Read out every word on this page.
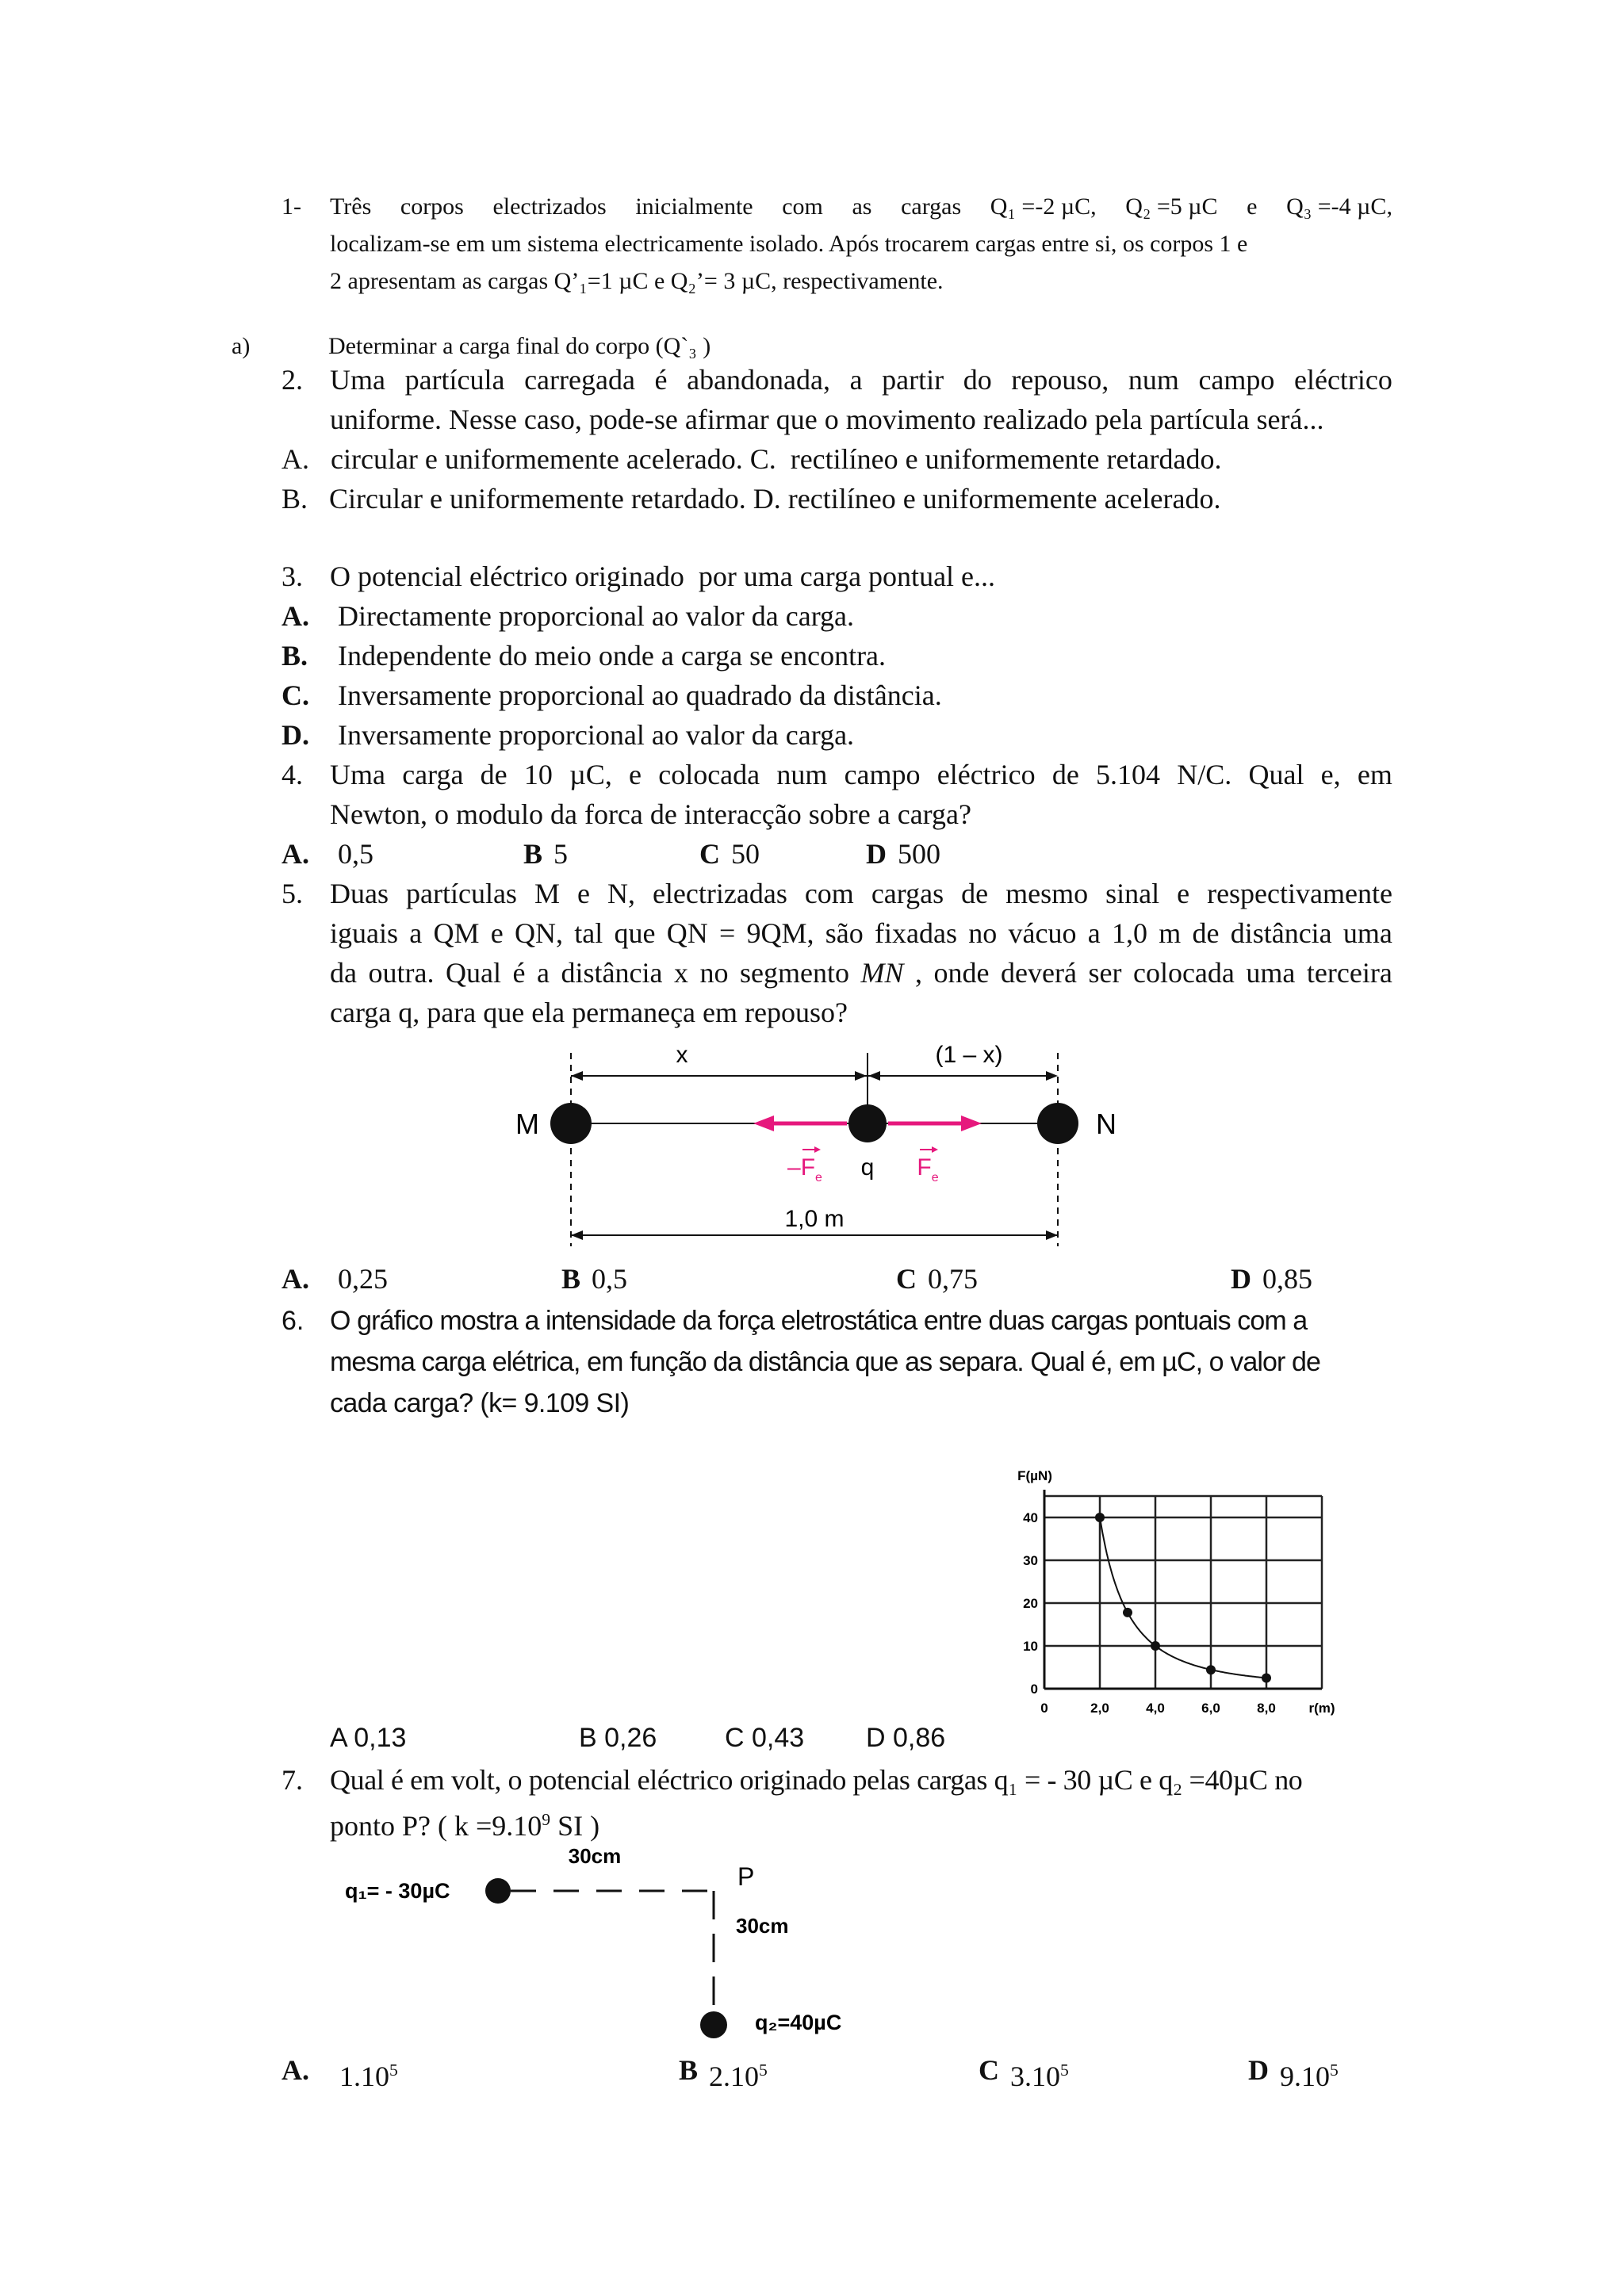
1- Três corpos electrizados inicialmente com as cargas Q₁ =-2 µC, Q₂ =5 µC e Q₃ =-4 µC,
localizam-se em um sistema electricamente isolado. Após trocarem cargas entre si, os corpos 1 e
2 apresentam as cargas Q’₁=1 µC e Q₂’= 3 µC, respectivamente.
a)	Determinar a carga final do corpo (Q`₃ )
2. Uma partícula carregada é abandonada, a partir do repouso, num campo eléctrico
uniforme. Nesse caso, pode-se afirmar que o movimento realizado pela partícula será...
A.   circular e uniformemente acelerado. C.  rectilíneo e uniformemente retardado.
B.   Circular e uniformemente retardado. D. rectilíneo e uniformemente acelerado.
3. O potencial eléctrico originado  por uma carga pontual e...
A. Directamente proporcional ao valor da carga.
B. Independente do meio onde a carga se encontra.
C. Inversamente proporcional ao quadrado da distância.
D. Inversamente proporcional ao valor da carga.
4. Uma carga de 10 µC, e colocada num campo eléctrico de 5.104 N/C. Qual e, em
Newton, o modulo da forca de interacção sobre a carga?
A. 0,5	B 5	C 50	D 500
5. Duas partículas M e N, electrizadas com cargas de mesmo sinal e respectivamente
iguais a QM e QN, tal que QN = 9QM, são fixadas no vácuo a 1,0 m de distância uma
da outra. Qual é a distância x no segmento MN , onde deverá ser colocada uma terceira
carga q, para que ela permaneça em repouso?
x	(1 – x)
M	N
$-F_e$ q $F_e$
1,0 m
A. 0,25	B 0,5	C 0,75	D 0,85
6. O gráfico mostra a intensidade da força eletrostática entre duas cargas pontuais com a
mesma carga elétrica, em função da distância que as separa. Qual é, em µC, o valor de
cada carga? (k= 9.109 SI)
0	2,0	4,0	6,0	8,0
0
10
20
30
40
F(µN)
r(m)
A 0,13	B 0,26	C 0,43 D 0,86
7. Qual é em volt, o potencial eléctrico originado pelas cargas q₁ = - 30 µC e q₂ =40µC no
ponto P? ( $k =9.10^9$ SI )
q₁= - 30µC
30cm
P
30cm
q₂=40µC
A. 1.10$^5$	B 2.10$^5$	C 3.10$^5$	D 9.10$^5$
